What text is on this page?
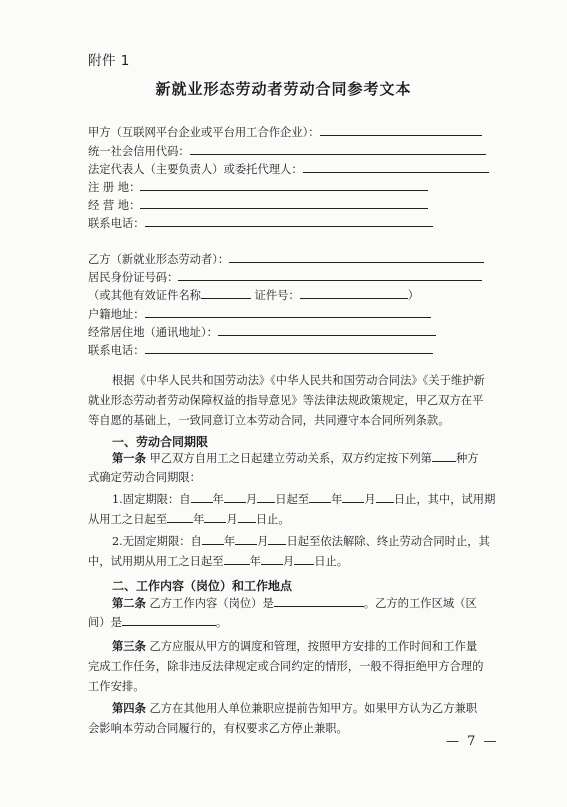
附件 1
新就业形态劳动者劳动合同参考文本
甲方（互联网平台企业或平台用工合作企业）：
统一社会信用代码：
法定代表人（主要负责人）或委托代理人：
注 册 地：
经 营 地：
联系电话：
乙方（新就业形态劳动者）：
居民身份证号码：
（或其他有效证件名称	证件号：	）
户籍地址：
经常居住地（通讯地址）：
联系电话：
根据《中华人民共和国劳动法》《中华人民共和国劳动合同法》《关于维护新就业形态劳动者劳动保障权益的指导意见》等法律法规政策规定，甲乙双方在平等自愿的基础上，一致同意订立本劳动合同，共同遵守本合同所列条款。
一、劳动合同期限
第一条 甲乙双方自用工之日起建立劳动关系，双方约定按下列第 种方
式确定劳动合同期限：
1.固定期限：自 年 月 日起至 年 月 日止，其中，试用期
从用工之日起至 年 月 日止。
2.无固定期限：自 年 月 日起至依法解除、终止劳动合同时止，其
中，试用期从用工之日起至 年 月 日止。
二、工作内容（岗位）和工作地点
第二条 乙方工作内容（岗位）是	。乙方的工作区域（区
间）是	。
第三条 乙方应服从甲方的调度和管理，按照甲方安排的工作时间和工作量完成工作任务，除非违反法律规定或合同约定的情形，一般不得拒绝甲方合理的工作安排。
第四条 乙方在其他用人单位兼职应提前告知甲方。如果甲方认为乙方兼职会影响本劳动合同履行的，有权要求乙方停止兼职。
— 7 —
